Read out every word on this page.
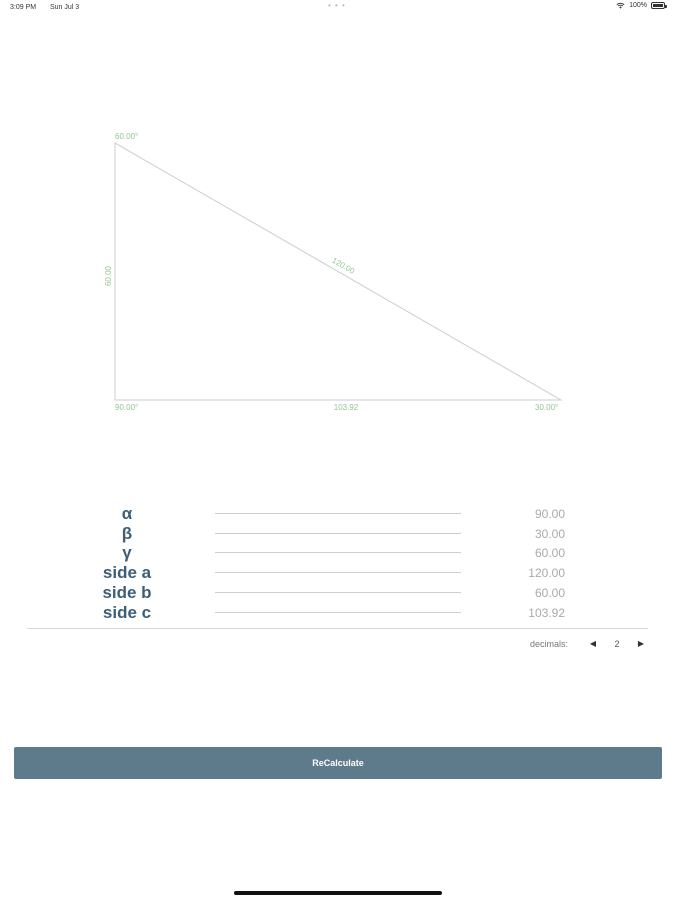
3:09 PM Sun Jul 3	• • •	100%
60.00°
90.00°	30.00°
60.00
120.00
103.92
α	90.00
β	30.00
γ	60.00
side a	120.00
side b	60.00
side c	103.92
decimals:	◀	2	▶
ReCalculate
